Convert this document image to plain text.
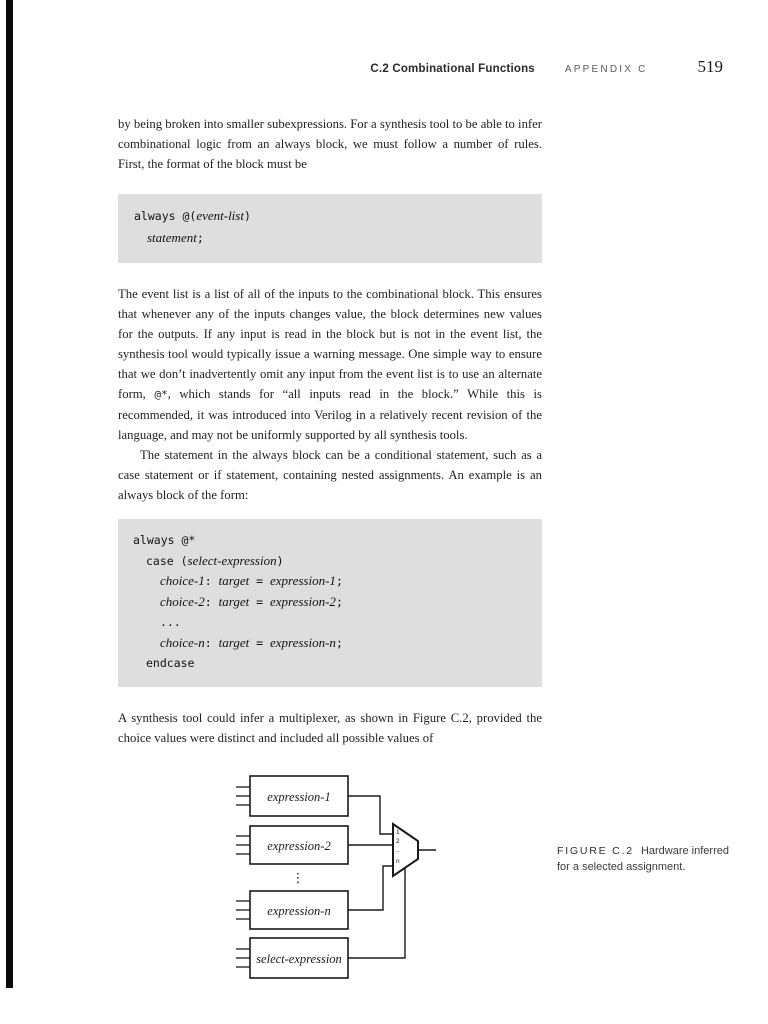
C.2 Combinational Functions	APPENDIX C	519

by being broken into smaller subexpressions. For a synthesis tool to be able to infer combinational logic from an always block, we must follow a number of rules. First, the format of the block must be

always @(event-list)
statement;

The event list is a list of all of the inputs to the combinational block. This ensures that whenever any of the inputs changes value, the block determines new values for the outputs. If any input is read in the block but is not in the event list, the synthesis tool would typically issue a warning message. One simple way to ensure that we don’t inadvertently omit any input from the event list is to use an alternate form, @*, which stands for “all inputs read in the block.” While this is recommended, it was introduced into Verilog in a relatively recent revision of the language, and may not be uniformly supported by all synthesis tools.

The statement in the always block can be a conditional statement, such as a case statement or if statement, containing nested assignments. An example is an always block of the form:

always @*
case (select-expression)
choice-1: target = expression-1;
choice-2: target = expression-2;
...
choice-n: target = expression-n;
endcase

A synthesis tool could infer a multiplexer, as shown in Figure C.2, provided the choice values were distinct and included all possible values of

expression-1
expression-2
expression-n
select-expression
⋮
1
2
..
n
FIGURE C.2 Hardware inferred for a selected assignment.
